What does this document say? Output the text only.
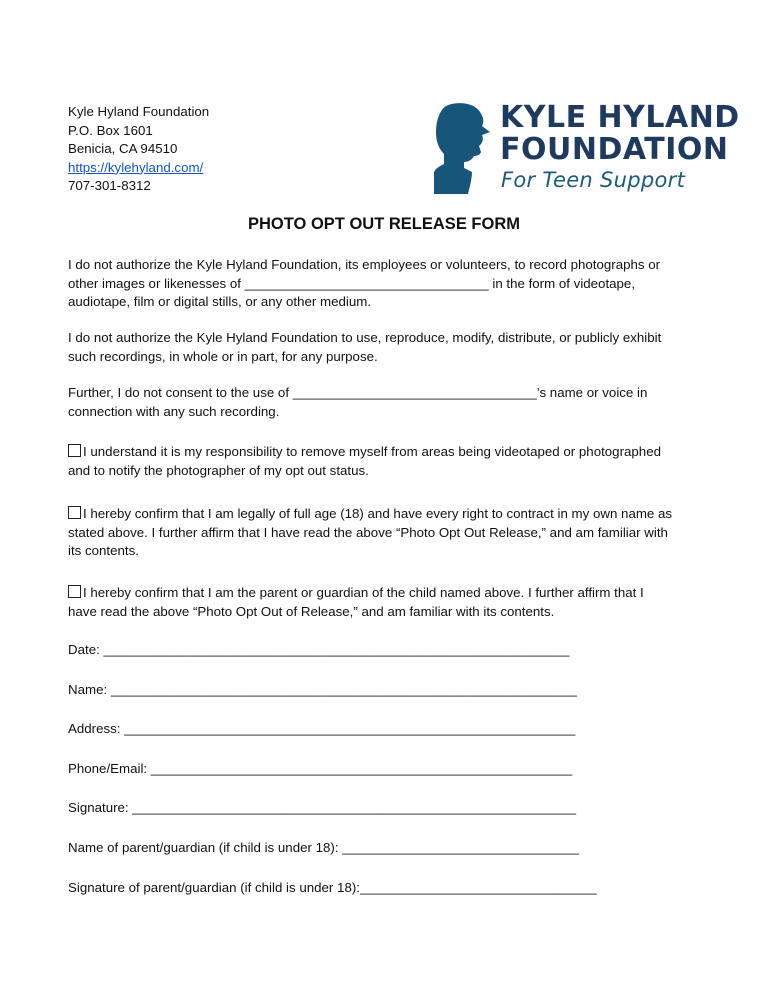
Kyle Hyland Foundation
P.O. Box 1601
Benicia, CA 94510
https://kylehyland.com/
707-301-8312
KYLE HYLAND
FOUNDATION
For Teen Support
PHOTO OPT OUT RELEASE FORM
I do not authorize the Kyle Hyland Foundation, its employees or volunteers, to record photographs or
other images or likenesses of _________________________________ in the form of videotape,
audiotape, film or digital stills, or any other medium.
I do not authorize the Kyle Hyland Foundation to use, reproduce, modify, distribute, or publicly exhibit
such recordings, in whole or in part, for any purpose.
Further, I do not consent to the use of _________________________________’s name or voice in
connection with any such recording.
I understand it is my responsibility to remove myself from areas being videotaped or photographed
and to notify the photographer of my opt out status.
I hereby confirm that I am legally of full age (18) and have every right to contract in my own name as
stated above. I further affirm that I have read the above “Photo Opt Out Release,” and am familiar with
its contents.
I hereby confirm that I am the parent or guardian of the child named above. I further affirm that I
have read the above “Photo Opt Out of Release,” and am familiar with its contents.
Date: _______________________________________________________________
Name: _______________________________________________________________
Address: _____________________________________________________________
Phone/Email: _________________________________________________________
Signature: ____________________________________________________________
Name of parent/guardian (if child is under 18): ________________________________
Signature of parent/guardian (if child is under 18):________________________________
